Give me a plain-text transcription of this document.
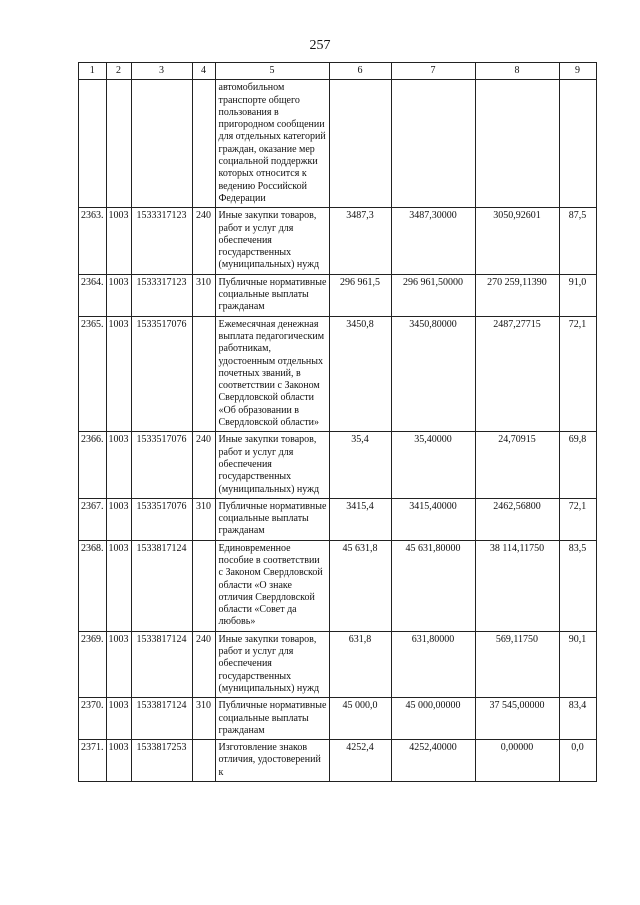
257
1	2	3	4	5	6	7	8	9
				автомобильном транспорте общего пользования в пригородном сообщении для отдельных категорий граждан, оказание мер социальной поддержки которых относится к ведению Российской Федерации				
2363.	1003	1533317123	240	Иные закупки товаров, работ и услуг для обеспечения государственных (муниципальных) нужд	3487,3	3487,30000	3050,92601	87,5
2364.	1003	1533317123	310	Публичные нормативные социальные выплаты гражданам	296 961,5	296 961,50000	270 259,11390	91,0
2365.	1003	1533517076		Ежемесячная денежная выплата педагогическим работникам, удостоенным отдельных почетных званий, в соответствии с Законом Свердловской области «Об образовании в Свердловской области»	3450,8	3450,80000	2487,27715	72,1
2366.	1003	1533517076	240	Иные закупки товаров, работ и услуг для обеспечения государственных (муниципальных) нужд	35,4	35,40000	24,70915	69,8
2367.	1003	1533517076	310	Публичные нормативные социальные выплаты гражданам	3415,4	3415,40000	2462,56800	72,1
2368.	1003	1533817124		Единовременное пособие в соответствии с Законом Свердловской области «О знаке отличия Свердловской области «Совет да любовь»	45 631,8	45 631,80000	38 114,11750	83,5
2369.	1003	1533817124	240	Иные закупки товаров, работ и услуг для обеспечения государственных (муниципальных) нужд	631,8	631,80000	569,11750	90,1
2370.	1003	1533817124	310	Публичные нормативные социальные выплаты гражданам	45 000,0	45 000,00000	37 545,00000	83,4
2371.	1003	1533817253		Изготовление знаков отличия, удостоверений к	4252,4	4252,40000	0,00000	0,0
